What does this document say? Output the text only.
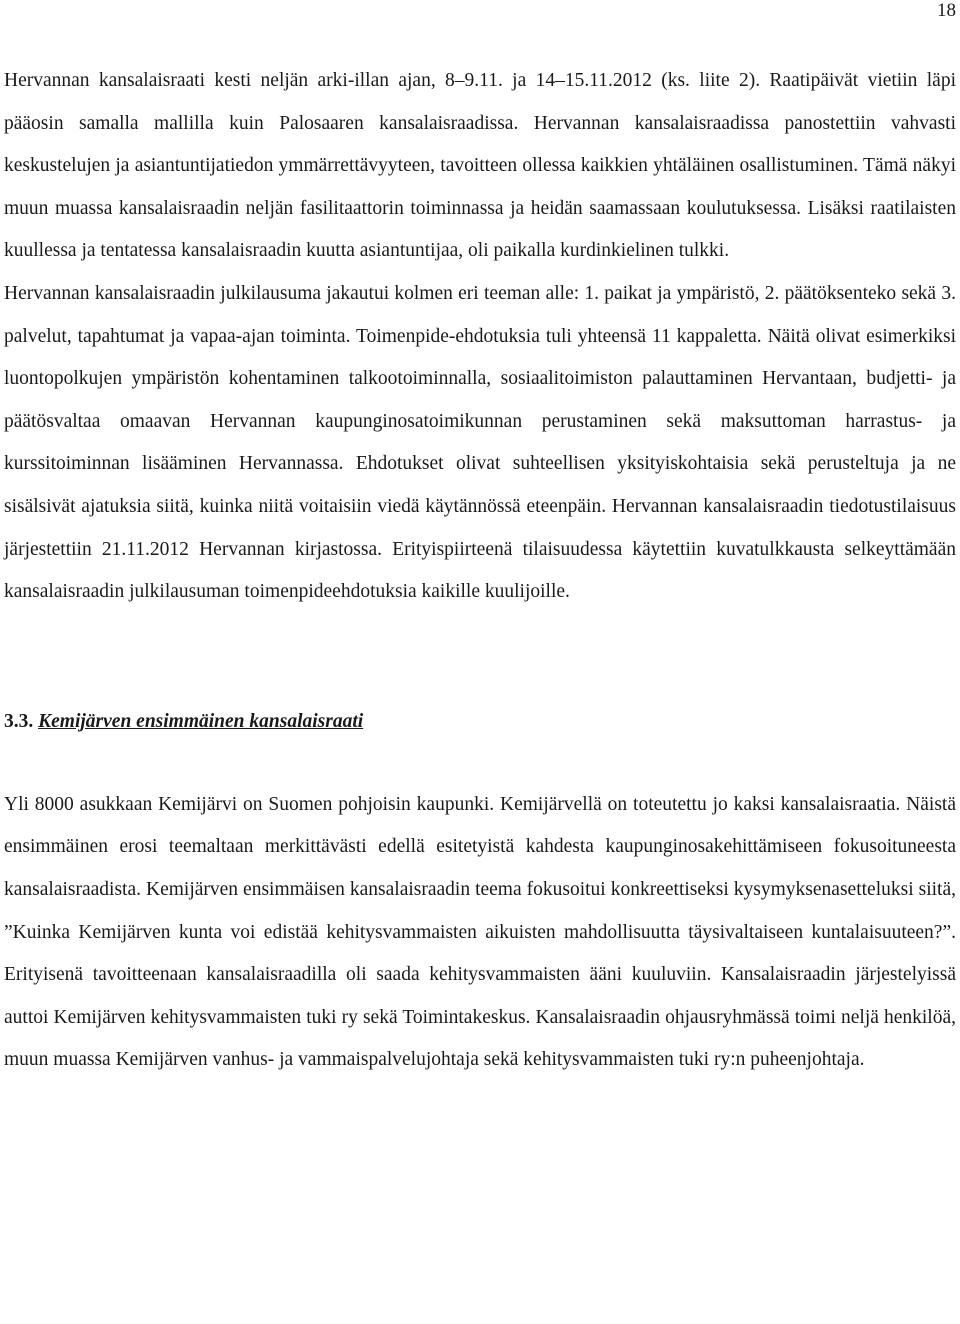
18

Hervannan kansalaisraati kesti neljän arki-illan ajan, 8–9.11. ja 14–15.11.2012 (ks. liite 2). Raatipäivät vietiin läpi pääosin samalla mallilla kuin Palosaaren kansalaisraadissa. Hervannan kansalaisraadissa panostettiin vahvasti keskustelujen ja asiantuntijatiedon ymmärrettävyyteen, tavoitteen ollessa kaikkien yhtäläinen osallistuminen. Tämä näkyi muun muassa kansalaisraadin neljän fasilitaattorin toiminnassa ja heidän saamassaan koulutuksessa. Lisäksi raatilaisten kuullessa ja tentatessa kansalaisraadin kuutta asiantuntijaa, oli paikalla kurdinkielinen tulkki.

Hervannan kansalaisraadin julkilausuma jakautui kolmen eri teeman alle: 1. paikat ja ympäristö, 2. päätöksenteko sekä 3. palvelut, tapahtumat ja vapaa-ajan toiminta. Toimenpide-ehdotuksia tuli yhteensä 11 kappaletta. Näitä olivat esimerkiksi luontopolkujen ympäristön kohentaminen talkootoiminnalla, sosiaalitoimiston palauttaminen Hervantaan, budjetti- ja päätösvaltaa omaavan Hervannan kaupunginosatoimikunnan perustaminen sekä maksuttoman harrastus- ja kurssitoiminnan lisääminen Hervannassa. Ehdotukset olivat suhteellisen yksityiskohtaisia sekä perusteltuja ja ne sisälsivät ajatuksia siitä, kuinka niitä voitaisiin viedä käytännössä eteenpäin. Hervannan kansalaisraadin tiedotustilaisuus järjestettiin 21.11.2012 Hervannan kirjastossa. Erityispiirteenä tilaisuudessa käytettiin kuvatulkkausta selkeyttämään kansalaisraadin julkilausuman toimenpideehdotuksia kaikille kuulijoille.

3.3. Kemijärven ensimmäinen kansalaisraati

Yli 8000 asukkaan Kemijärvi on Suomen pohjoisin kaupunki. Kemijärvellä on toteutettu jo kaksi kansalaisraatia. Näistä ensimmäinen erosi teemaltaan merkittävästi edellä esitetyistä kahdesta kaupunginosakehittämiseen fokusoituneesta kansalaisraadista. Kemijärven ensimmäisen kansalaisraadin teema fokusoitui konkreettiseksi kysymyksenasetteluksi siitä, ”Kuinka Kemijärven kunta voi edistää kehitysvammaisten aikuisten mahdollisuutta täysivaltaiseen kuntalaisuuteen?”. Erityisenä tavoitteenaan kansalaisraadilla oli saada kehitysvammaisten ääni kuuluviin. Kansalaisraadin järjestelyissä auttoi Kemijärven kehitysvammaisten tuki ry sekä Toimintakeskus. Kansalaisraadin ohjausryhmässä toimi neljä henkilöä, muun muassa Kemijärven vanhus- ja vammaispalvelujohtaja sekä kehitysvammaisten tuki ry:n puheenjohtaja.
